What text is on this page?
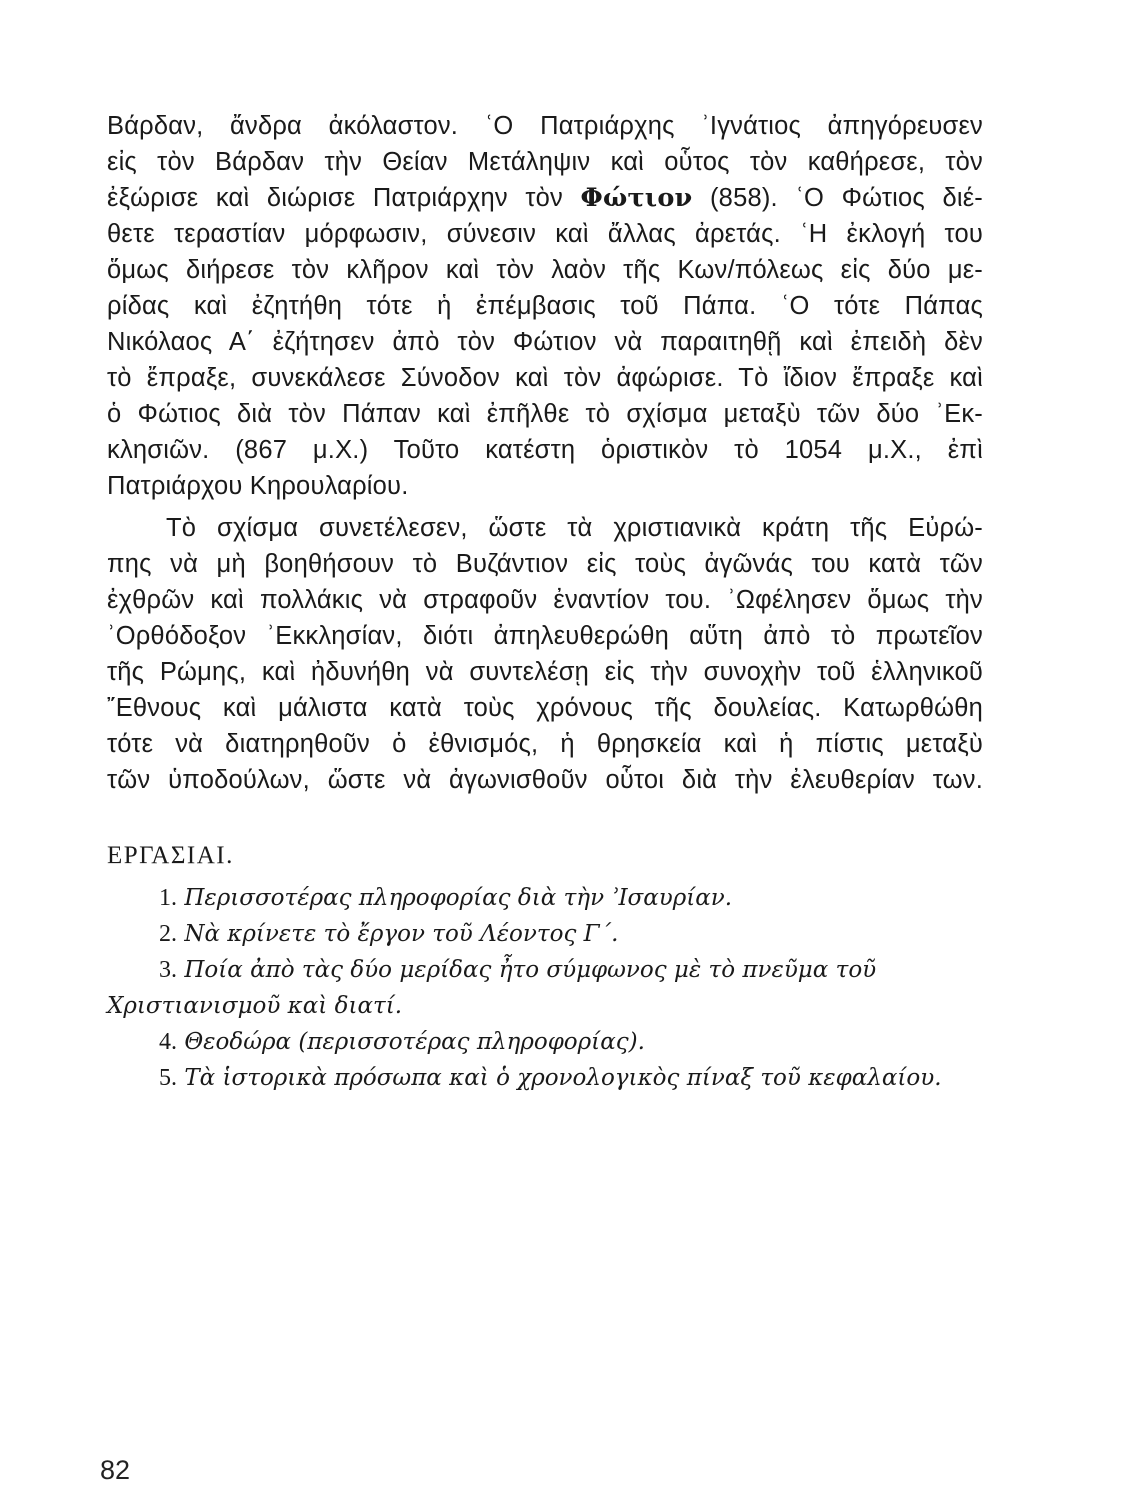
Βάρδαν, ἄνδρα ἀκόλαστον. ʿΟ Πατριάρχης ʾΙγνάτιος ἀπηγόρευσεν
εἰς τὸν Βάρδαν τὴν Θείαν Μετάληψιν καὶ οὗτος τὸν καθήρεσε, τὸν
ἐξώρισε καὶ διώρισε Πατριάρχην τὸν Φώτιον (858). ʿΟ Φώτιος διέ-
θετε τεραστίαν μόρφωσιν, σύνεσιν καὶ ἄλλας ἀρετάς. ʿΗ ἐκλογή του
ὅμως διήρεσε τὸν κλῆρον καὶ τὸν λαὸν τῆς Κων/πόλεως εἰς δύο με-
ρίδας καὶ ἐζητήθη τότε ἡ ἐπέμβασις τοῦ Πάπα. ʿΟ τότε Πάπας
Νικόλαος Α΄ ἐζήτησεν ἀπὸ τὸν Φώτιον νὰ παραιτηθῇ καὶ ἐπειδὴ δὲν
τὸ ἔπραξε, συνεκάλεσε Σύνοδον καὶ τὸν ἀφώρισε. Τὸ ἴδιον ἔπραξε καὶ
ὁ Φώτιος διὰ τὸν Πάπαν καὶ ἐπῆλθε τὸ σχίσμα μεταξὺ τῶν δύο ʾΕκ-
κλησιῶν. (867 μ.Χ.) Τοῦτο κατέστη ὁριστικὸν τὸ 1054 μ.Χ., ἐπὶ
Πατριάρχου Κηρουλαρίου.
Τὸ σχίσμα συνετέλεσεν, ὥστε τὰ χριστιανικὰ κράτη τῆς Εὐρώ-
πης νὰ μὴ βοηθήσουν τὸ Βυζάντιον εἰς τοὺς ἀγῶνάς του κατὰ τῶν
ἐχθρῶν καὶ πολλάκις νὰ στραφοῦν ἐναντίον του. ʾΩφέλησεν ὅμως τὴν
ʾΟρθόδοξον ʾΕκκλησίαν, διότι ἀπηλευθερώθη αὕτη ἀπὸ τὸ πρωτεῖον
τῆς Ρώμης, καὶ ἠδυνήθη νὰ συντελέσῃ εἰς τὴν συνοχὴν τοῦ ἑλληνικοῦ
῎Εθνους καὶ μάλιστα κατὰ τοὺς χρόνους τῆς δουλείας. Κατωρθώθη
τότε νὰ διατηρηθοῦν ὁ ἐθνισμός, ἡ θρησκεία καὶ ἡ πίστις μεταξὺ
τῶν ὑποδούλων, ὥστε νὰ ἀγωνισθοῦν οὗτοι διὰ τὴν ἐλευθερίαν των.
ΕΡΓΑΣΙΑΙ.
1. Περισσοτέρας πληροφορίας διὰ τὴν ʾΙσαυρίαν.
2. Νὰ κρίνετε τὸ ἔργον τοῦ Λέοντος Γ΄.
3. Ποία ἀπὸ τὰς δύο μερίδας ἦτο σύμφωνος μὲ τὸ πνεῦμα τοῦ
Χριστιανισμοῦ καὶ διατί.
4. Θεοδώρα (περισσοτέρας πληροφορίας).
5. Τὰ ἱστορικὰ πρόσωπα καὶ ὁ χρονολογικὸς πίναξ τοῦ κεφαλαίου.
82
